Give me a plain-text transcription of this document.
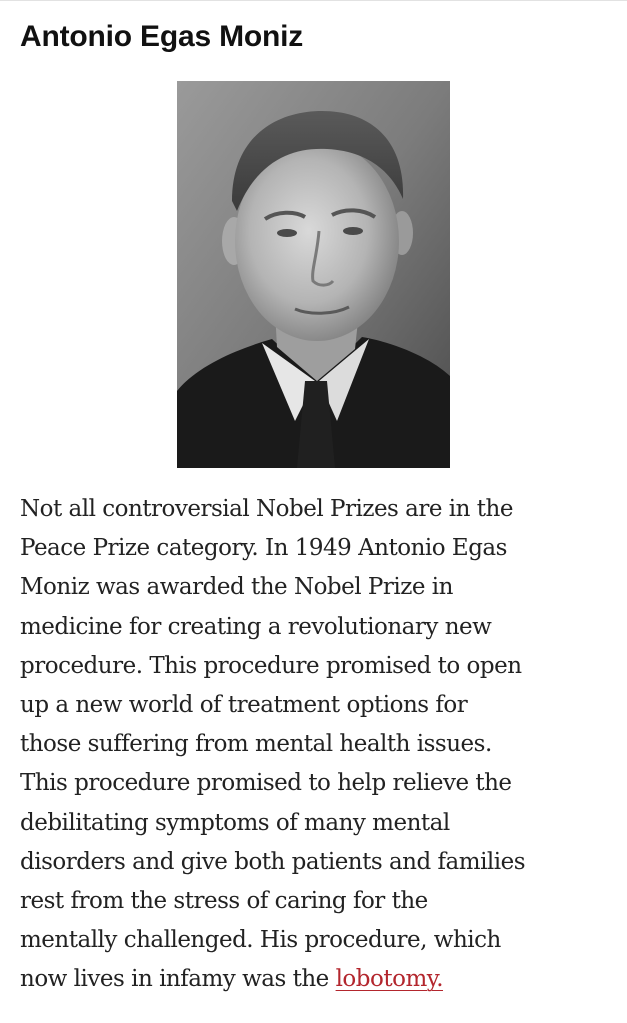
Antonio Egas Moniz

Not all controversial Nobel Prizes are in the
Peace Prize category. In 1949 Antonio Egas
Moniz was awarded the Nobel Prize in
medicine for creating a revolutionary new
procedure. This procedure promised to open
up a new world of treatment options for
those suffering from mental health issues.
This procedure promised to help relieve the
debilitating symptoms of many mental
disorders and give both patients and families
rest from the stress of caring for the
mentally challenged. His procedure, which
now lives in infamy was the lobotomy.
